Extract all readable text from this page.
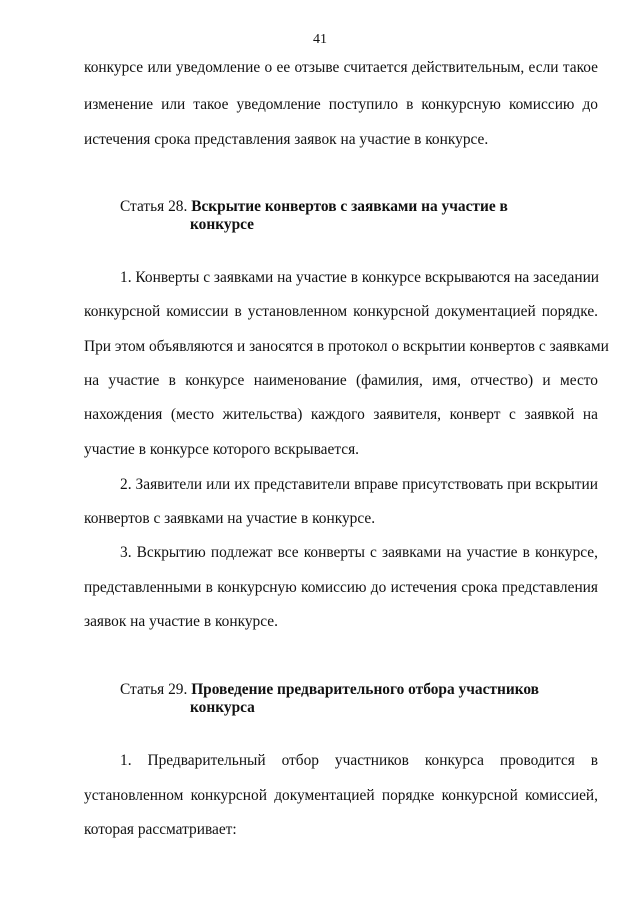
41
конкурсе или уведомление о ее отзыве считается действительным, если такое
изменение или такое уведомление поступило в конкурсную комиссию до
истечения срока представления заявок на участие в конкурсе.
Статья 28. Вскрытие конвертов с заявками на участие в
конкурсе
1. Конверты с заявками на участие в конкурсе вскрываются на заседании
конкурсной комиссии в установленном конкурсной документацией порядке.
При этом объявляются и заносятся в протокол о вскрытии конвертов с заявками
на участие в конкурсе наименование (фамилия, имя, отчество) и место
нахождения (место жительства) каждого заявителя, конверт с заявкой на
участие в конкурсе которого вскрывается.
2. Заявители или их представители вправе присутствовать при вскрытии
конвертов с заявками на участие в конкурсе.
3. Вскрытию подлежат все конверты с заявками на участие в конкурсе,
представленными в конкурсную комиссию до истечения срока представления
заявок на участие в конкурсе.
Статья 29. Проведение предварительного отбора участников
конкурса
1. Предварительный отбор участников конкурса проводится в
установленном конкурсной документацией порядке конкурсной комиссией,
которая рассматривает:
